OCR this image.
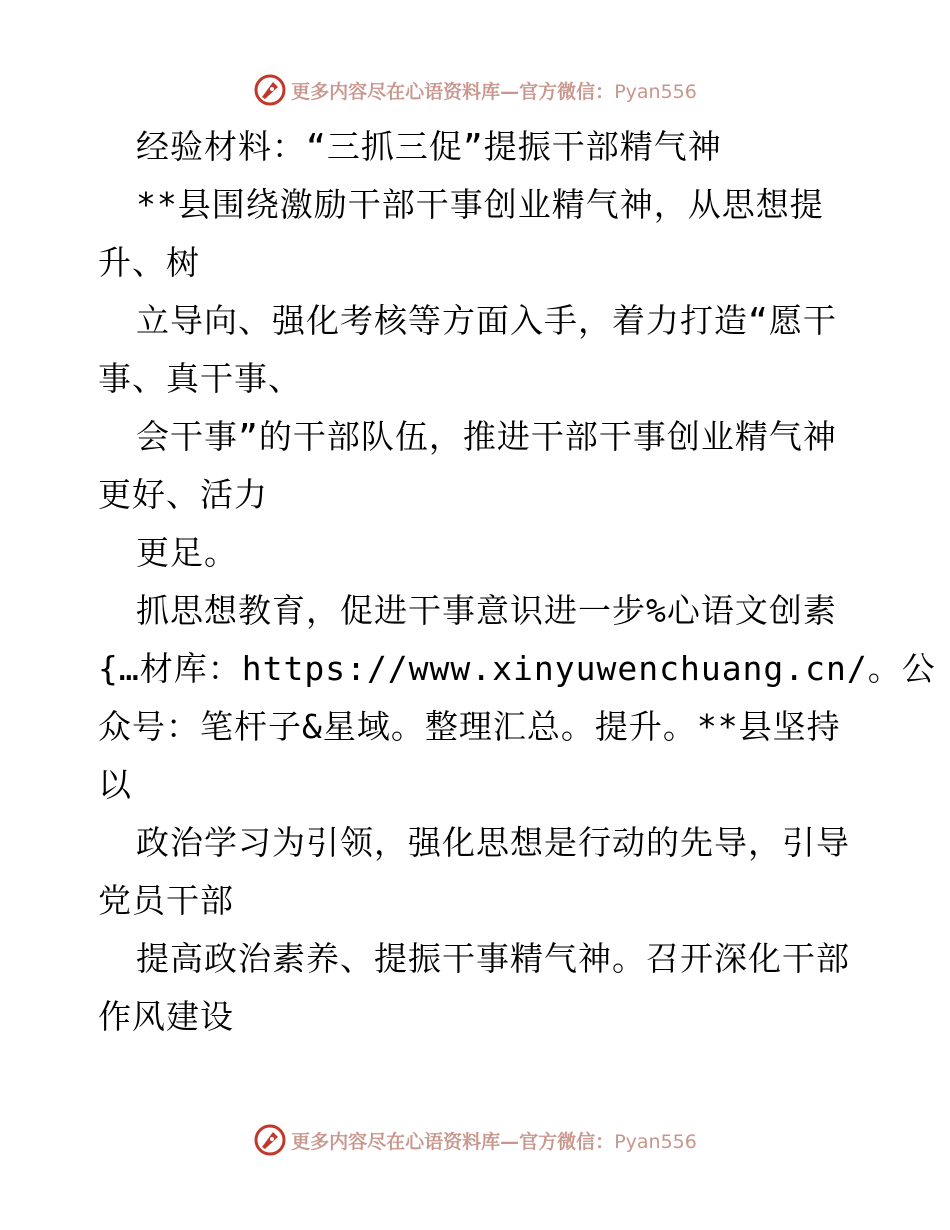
更多内容尽在心语资料库—官方微信：Pyan556
经验材料：“三抓三促”提振干部精气神
**县围绕激励干部干事创业精气神，从思想提
升、树
立导向、强化考核等方面入手，着力打造“愿干
事、真干事、
会干事”的干部队伍，推进干部干事创业精气神
更好、活力
更足。
抓思想教育，促进干事意识进一步%心语文创素
{…材库：https://www.xinyuwenchuang.cn/。公
众号：笔杆子&星域。整理汇总。提升。**县坚持
以
政治学习为引领，强化思想是行动的先导，引导
党员干部
提高政治素养、提振干事精气神。召开深化干部
作风建设
更多内容尽在心语资料库—官方微信：Pyan556
